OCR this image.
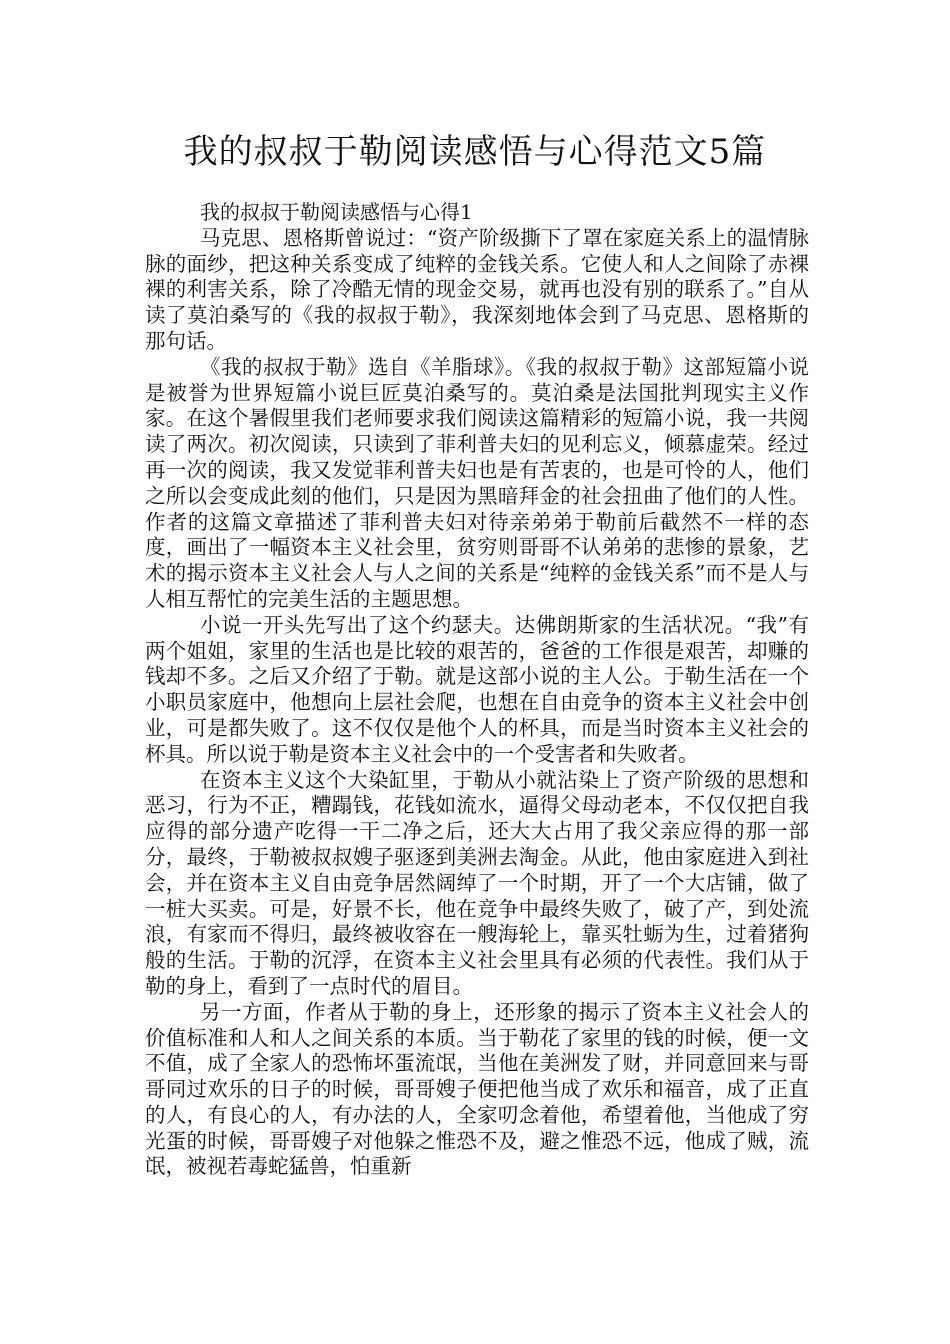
我的叔叔于勒阅读感悟与心得范文5篇

我的叔叔于勒阅读感悟与心得1

马克思、恩格斯曾说过：“资产阶级撕下了罩在家庭关系上的温情脉脉的面纱，把这种关系变成了纯粹的金钱关系。它使人和人之间除了赤裸裸的利害关系，除了冷酷无情的现金交易，就再也没有别的联系了。”自从读了莫泊桑写的《我的叔叔于勒》，我深刻地体会到了马克思、恩格斯的那句话。

《我的叔叔于勒》选自《羊脂球》。《我的叔叔于勒》这部短篇小说是被誉为世界短篇小说巨匠莫泊桑写的。莫泊桑是法国批判现实主义作家。在这个暑假里我们老师要求我们阅读这篇精彩的短篇小说，我一共阅读了两次。初次阅读，只读到了菲利普夫妇的见利忘义，倾慕虚荣。经过再一次的阅读，我又发觉菲利普夫妇也是有苦衷的，也是可怜的人，他们之所以会变成此刻的他们，只是因为黑暗拜金的社会扭曲了他们的人性。作者的这篇文章描述了菲利普夫妇对待亲弟弟于勒前后截然不一样的态度，画出了一幅资本主义社会里，贫穷则哥哥不认弟弟的悲惨的景象，艺术的揭示资本主义社会人与人之间的关系是“纯粹的金钱关系”而不是人与人相互帮忙的完美生活的主题思想。

小说一开头先写出了这个约瑟夫。达佛朗斯家的生活状况。“我”有两个姐姐，家里的生活也是比较的艰苦的，爸爸的工作很是艰苦，却赚的钱却不多。之后又介绍了于勒。就是这部小说的主人公。于勒生活在一个小职员家庭中，他想向上层社会爬，也想在自由竞争的资本主义社会中创业，可是都失败了。这不仅仅是他个人的杯具，而是当时资本主义社会的杯具。所以说于勒是资本主义社会中的一个受害者和失败者。

在资本主义这个大染缸里，于勒从小就沾染上了资产阶级的思想和恶习，行为不正，糟蹋钱，花钱如流水，逼得父母动老本，不仅仅把自我应得的部分遗产吃得一干二净之后，还大大占用了我父亲应得的那一部分，最终，于勒被叔叔嫂子驱逐到美洲去淘金。从此，他由家庭进入到社会，并在资本主义自由竞争居然阔绰了一个时期，开了一个大店铺，做了一桩大买卖。可是，好景不长，他在竞争中最终失败了，破了产，到处流浪，有家而不得归，最终被收容在一艘海轮上，靠买牡蛎为生，过着猪狗般的生活。于勒的沉浮，在资本主义社会里具有必须的代表性。我们从于勒的身上，看到了一点时代的眉目。

另一方面，作者从于勒的身上，还形象的揭示了资本主义社会人的价值标准和人和人之间关系的本质。当于勒花了家里的钱的时候，便一文不值，成了全家人的恐怖坏蛋流氓，当他在美洲发了财，并同意回来与哥哥同过欢乐的日子的时候，哥哥嫂子便把他当成了欢乐和福音，成了正直的人，有良心的人，有办法的人，全家叨念着他，希望着他，当他成了穷光蛋的时候，哥哥嫂子对他躲之惟恐不及，避之惟恐不远，他成了贼，流氓，被视若毒蛇猛兽，怕重新
